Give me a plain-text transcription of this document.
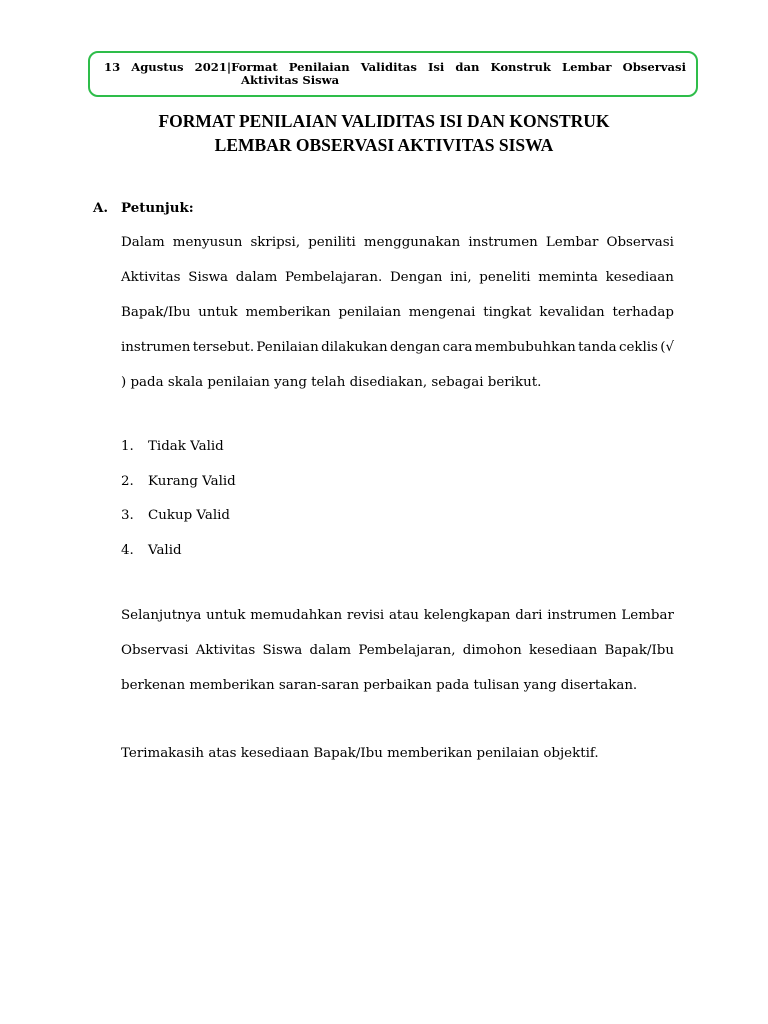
13 Agustus 2021|Format Penilaian Validitas Isi dan Konstruk Lembar Observasi
Aktivitas Siswa
FORMAT PENILAIAN VALIDITAS ISI DAN KONSTRUK
LEMBAR OBSERVASI AKTIVITAS SISWA
A. Petunjuk:
Dalam menyusun skripsi, peniliti menggunakan instrumen Lembar Observasi
Aktivitas Siswa dalam Pembelajaran. Dengan ini, peneliti meminta kesediaan
Bapak/Ibu untuk memberikan penilaian mengenai tingkat kevalidan terhadap
instrumen tersebut. Penilaian dilakukan dengan cara membubuhkan tanda ceklis (√
) pada skala penilaian yang telah disediakan, sebagai berikut.
1. Tidak Valid
2. Kurang Valid
3. Cukup Valid
4. Valid
Selanjutnya untuk memudahkan revisi atau kelengkapan dari instrumen Lembar
Observasi Aktivitas Siswa dalam Pembelajaran, dimohon kesediaan Bapak/Ibu
berkenan memberikan saran-saran perbaikan pada tulisan yang disertakan.
Terimakasih atas kesediaan Bapak/Ibu memberikan penilaian objektif.
